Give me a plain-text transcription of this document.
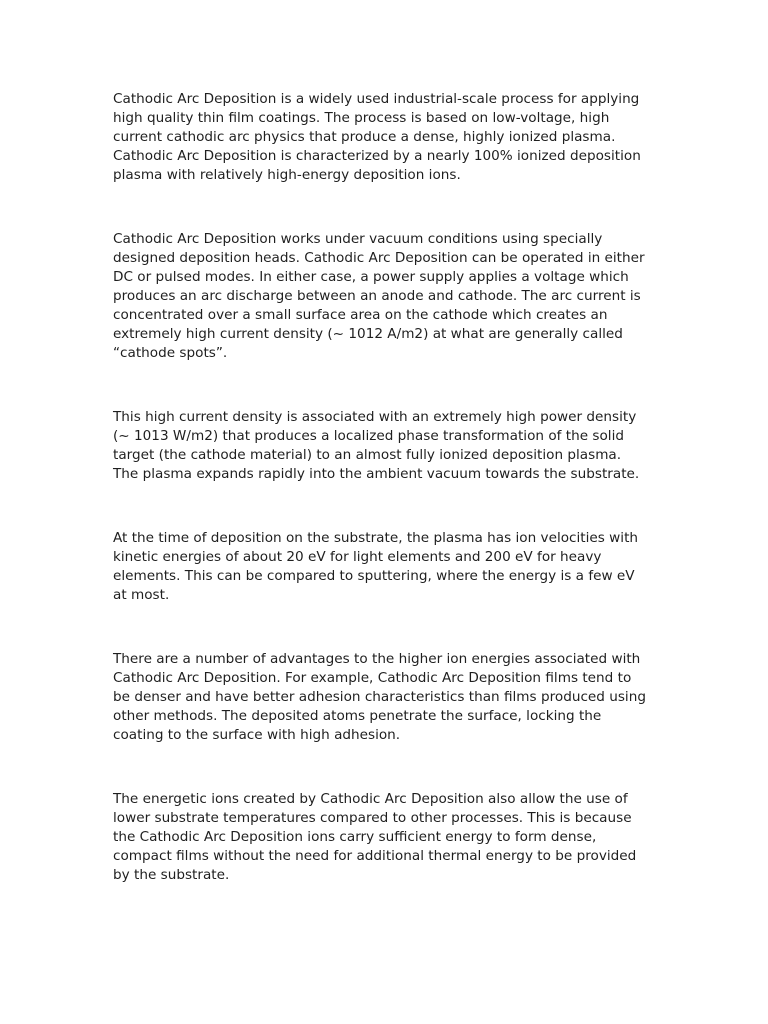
Cathodic Arc Deposition is a widely used industrial-scale process for applying
high quality thin film coatings. The process is based on low-voltage, high
current cathodic arc physics that produce a dense, highly ionized plasma.
Cathodic Arc Deposition is characterized by a nearly 100% ionized deposition
plasma with relatively high-energy deposition ions.

Cathodic Arc Deposition works under vacuum conditions using specially
designed deposition heads. Cathodic Arc Deposition can be operated in either
DC or pulsed modes. In either case, a power supply applies a voltage which
produces an arc discharge between an anode and cathode. The arc current is
concentrated over a small surface area on the cathode which creates an
extremely high current density (~ 1012 A/m2) at what are generally called
“cathode spots”.

This high current density is associated with an extremely high power density
(~ 1013 W/m2) that produces a localized phase transformation of the solid
target (the cathode material) to an almost fully ionized deposition plasma.
The plasma expands rapidly into the ambient vacuum towards the substrate.

At the time of deposition on the substrate, the plasma has ion velocities with
kinetic energies of about 20 eV for light elements and 200 eV for heavy
elements. This can be compared to sputtering, where the energy is a few eV
at most.

There are a number of advantages to the higher ion energies associated with
Cathodic Arc Deposition. For example, Cathodic Arc Deposition films tend to
be denser and have better adhesion characteristics than films produced using
other methods. The deposited atoms penetrate the surface, locking the
coating to the surface with high adhesion.

The energetic ions created by Cathodic Arc Deposition also allow the use of
lower substrate temperatures compared to other processes. This is because
the Cathodic Arc Deposition ions carry sufficient energy to form dense,
compact films without the need for additional thermal energy to be provided
by the substrate.
